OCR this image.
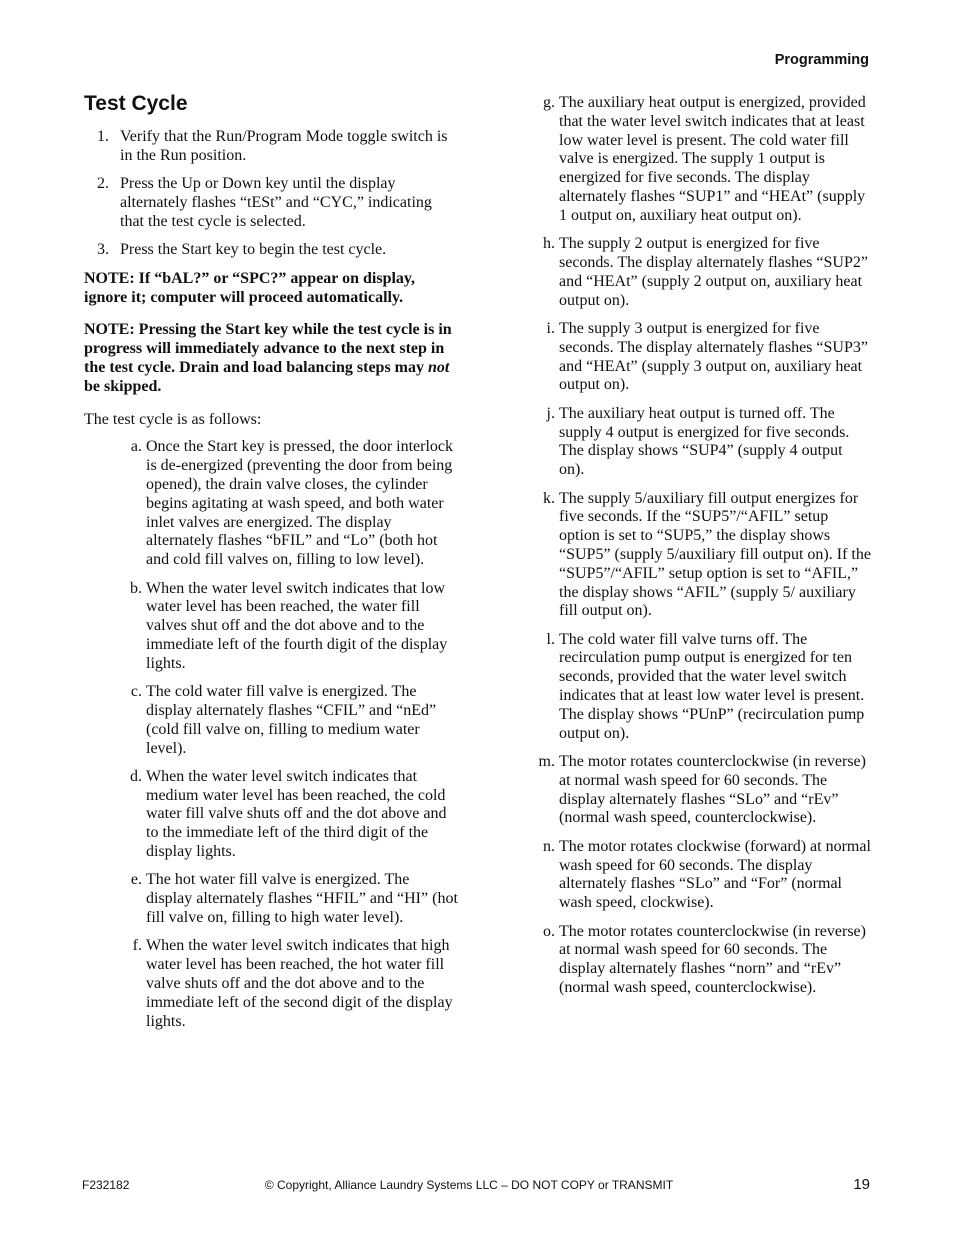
Programming
Test Cycle
1. Verify that the Run/Program Mode toggle switch is in the Run position.
2. Press the Up or Down key until the display alternately flashes “tESt” and “CYC,” indicating that the test cycle is selected.
3. Press the Start key to begin the test cycle.

NOTE: If “bAL?” or “SPC?” appear on display, ignore it; computer will proceed automatically.

NOTE: Pressing the Start key while the test cycle is in progress will immediately advance to the next step in the test cycle. Drain and load balancing steps may not be skipped.

The test cycle is as follows:

a. Once the Start key is pressed, the door interlock is de-energized (preventing the door from being opened), the drain valve closes, the cylinder begins agitating at wash speed, and both water inlet valves are energized. The display alternately flashes “bFIL” and “Lo” (both hot and cold fill valves on, filling to low level).
b. When the water level switch indicates that low water level has been reached, the water fill valves shut off and the dot above and to the immediate left of the fourth digit of the display lights.
c. The cold water fill valve is energized. The display alternately flashes “CFIL” and “nEd” (cold fill valve on, filling to medium water level).
d. When the water level switch indicates that medium water level has been reached, the cold water fill valve shuts off and the dot above and to the immediate left of the third digit of the display lights.
e. The hot water fill valve is energized. The display alternately flashes “HFIL” and “HI” (hot fill valve on, filling to high water level).
f. When the water level switch indicates that high water level has been reached, the hot water fill valve shuts off and the dot above and to the immediate left of the second digit of the display lights.
g. The auxiliary heat output is energized, provided that the water level switch indicates that at least low water level is present. The cold water fill valve is energized. The supply 1 output is energized for five seconds. The display alternately flashes “SUP1” and “HEAt” (supply 1 output on, auxiliary heat output on).
h. The supply 2 output is energized for five seconds. The display alternately flashes “SUP2” and “HEAt” (supply 2 output on, auxiliary heat output on).
i. The supply 3 output is energized for five seconds. The display alternately flashes “SUP3” and “HEAt” (supply 3 output on, auxiliary heat output on).
j. The auxiliary heat output is turned off. The supply 4 output is energized for five seconds. The display shows “SUP4” (supply 4 output on).
k. The supply 5/auxiliary fill output energizes for five seconds. If the “SUP5”/“AFIL” setup option is set to “SUP5,” the display shows “SUP5” (supply 5/auxiliary fill output on). If the “SUP5”/“AFIL” setup option is set to “AFIL,” the display shows “AFIL” (supply 5/ auxiliary fill output on).
l. The cold water fill valve turns off. The recirculation pump output is energized for ten seconds, provided that the water level switch indicates that at least low water level is present. The display shows “PUnP” (recirculation pump output on).
m. The motor rotates counterclockwise (in reverse) at normal wash speed for 60 seconds. The display alternately flashes “SLo” and “rEv” (normal wash speed, counterclockwise).
n. The motor rotates clockwise (forward) at normal wash speed for 60 seconds. The display alternately flashes “SLo” and “For” (normal wash speed, clockwise).
o. The motor rotates counterclockwise (in reverse) at normal wash speed for 60 seconds. The display alternately flashes “norn” and “rEv” (normal wash speed, counterclockwise).
F232182	© Copyright, Alliance Laundry Systems LLC – DO NOT COPY or TRANSMIT	19
